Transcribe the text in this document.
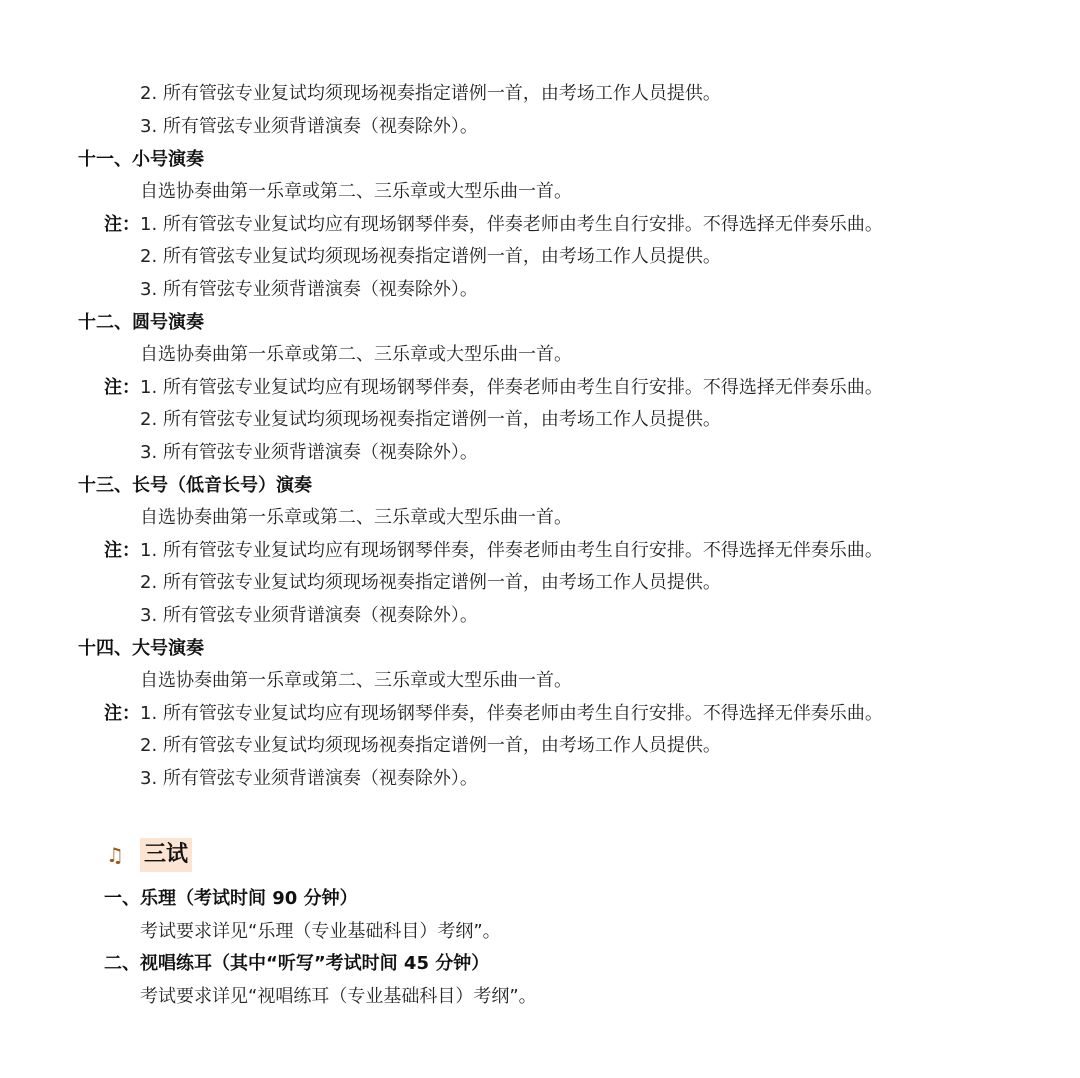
2. 所有管弦专业复试均须现场视奏指定谱例一首，由考场工作人员提供。
3. 所有管弦专业须背谱演奏（视奏除外）。
十一、小号演奏
自选协奏曲第一乐章或第二、三乐章或大型乐曲一首。
注： 1. 所有管弦专业复试均应有现场钢琴伴奏，伴奏老师由考生自行安排。不得选择无伴奏乐曲。
2. 所有管弦专业复试均须现场视奏指定谱例一首，由考场工作人员提供。
3. 所有管弦专业须背谱演奏（视奏除外）。
十二、圆号演奏
自选协奏曲第一乐章或第二、三乐章或大型乐曲一首。
注： 1. 所有管弦专业复试均应有现场钢琴伴奏，伴奏老师由考生自行安排。不得选择无伴奏乐曲。
2. 所有管弦专业复试均须现场视奏指定谱例一首，由考场工作人员提供。
3. 所有管弦专业须背谱演奏（视奏除外）。
十三、长号（低音长号）演奏
自选协奏曲第一乐章或第二、三乐章或大型乐曲一首。
注： 1. 所有管弦专业复试均应有现场钢琴伴奏，伴奏老师由考生自行安排。不得选择无伴奏乐曲。
2. 所有管弦专业复试均须现场视奏指定谱例一首，由考场工作人员提供。
3. 所有管弦专业须背谱演奏（视奏除外）。
十四、大号演奏
自选协奏曲第一乐章或第二、三乐章或大型乐曲一首。
注： 1. 所有管弦专业复试均应有现场钢琴伴奏，伴奏老师由考生自行安排。不得选择无伴奏乐曲。
2. 所有管弦专业复试均须现场视奏指定谱例一首，由考场工作人员提供。
3. 所有管弦专业须背谱演奏（视奏除外）。
♫ 三试
一、乐理（考试时间 90 分钟）
考试要求详见“乐理（专业基础科目）考纲”。
二、视唱练耳（其中“听写”考试时间 45 分钟）
考试要求详见“视唱练耳（专业基础科目）考纲”。
